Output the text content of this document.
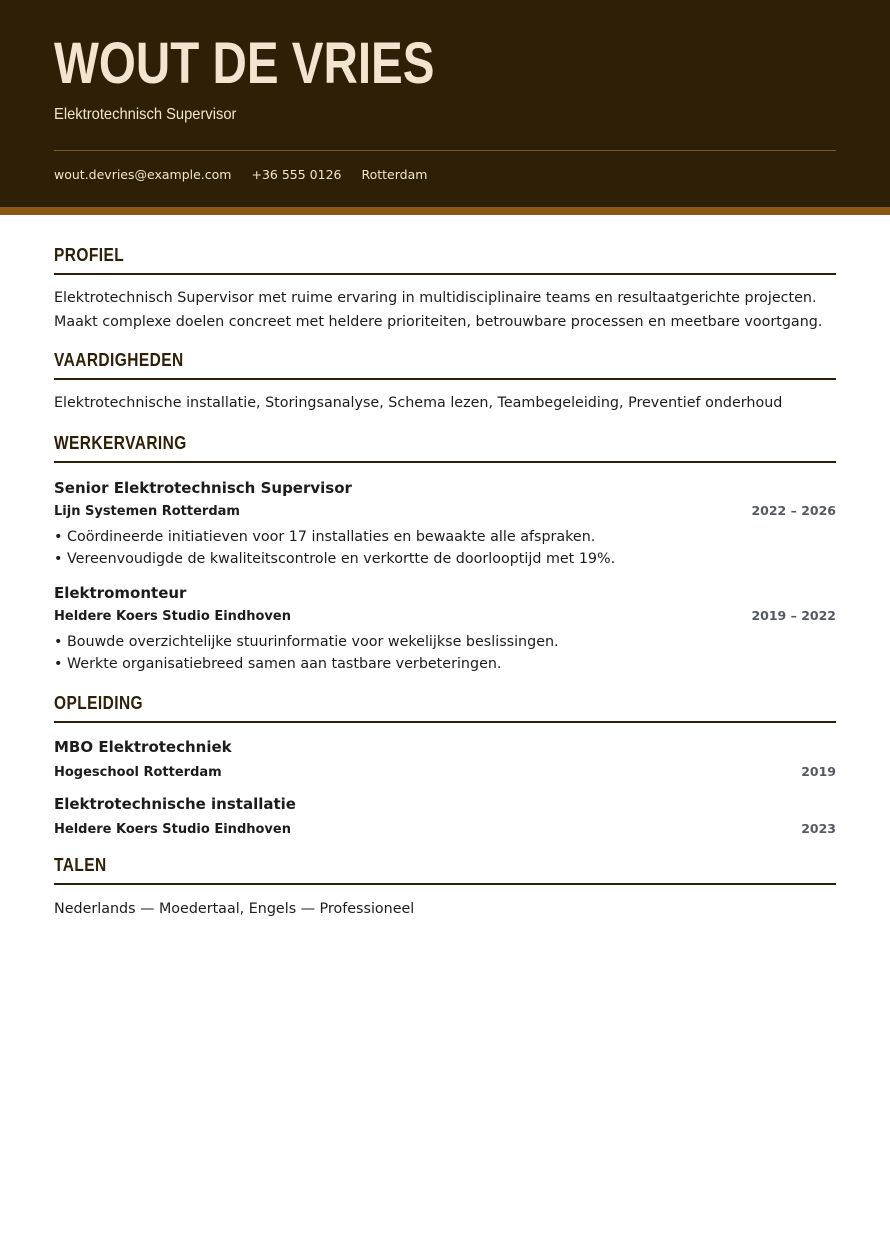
WOUT DE VRIES
Elektrotechnisch Supervisor
wout.devries@example.com +36 555 0126 Rotterdam
PROFIEL
Elektrotechnisch Supervisor met ruime ervaring in multidisciplinaire teams en resultaatgerichte projecten. Maakt complexe doelen concreet met heldere prioriteiten, betrouwbare processen en meetbare voortgang.
VAARDIGHEDEN
Elektrotechnische installatie, Storingsanalyse, Schema lezen, Teambegeleiding, Preventief onderhoud
WERKERVARING
Senior Elektrotechnisch Supervisor
Lijn Systemen Rotterdam	2022 – 2026
• Coördineerde initiatieven voor 17 installaties en bewaakte alle afspraken.
• Vereenvoudigde de kwaliteitscontrole en verkortte de doorlooptijd met 19%.
Elektromonteur
Heldere Koers Studio Eindhoven	2019 – 2022
• Bouwde overzichtelijke stuurinformatie voor wekelijkse beslissingen.
• Werkte organisatiebreed samen aan tastbare verbeteringen.
OPLEIDING
MBO Elektrotechniek
Hogeschool Rotterdam	2019
Elektrotechnische installatie
Heldere Koers Studio Eindhoven	2023
TALEN
Nederlands — Moedertaal, Engels — Professioneel
